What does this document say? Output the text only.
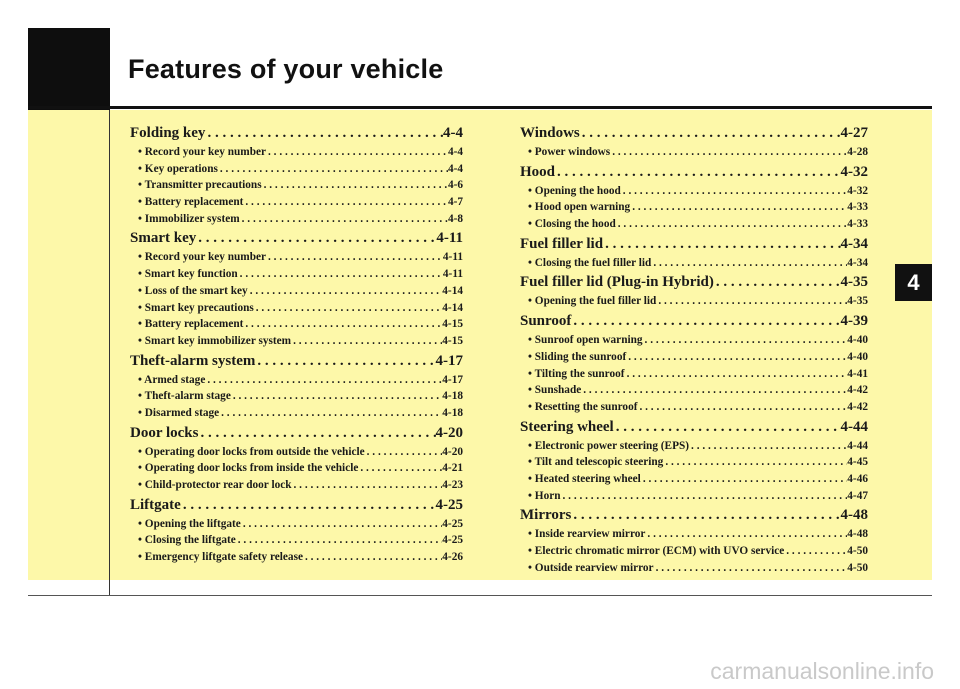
Features of your vehicle
4
Folding key . . .	4-4
• Record your key number . . .	4-4
• Key operations . . .	4-4
• Transmitter precautions . . .	4-6
• Battery replacement . . .	4-7
• Immobilizer system . . .	4-8
Smart key . . .	4-11
• Record your key number . . .	4-11
• Smart key function . . .	4-11
• Loss of the smart key . . .	4-14
• Smart key precautions . . .	4-14
• Battery replacement . . .	4-15
• Smart key immobilizer system . . .	4-15
Theft-alarm system . . .	4-17
• Armed stage . . .	4-17
• Theft-alarm stage . . .	4-18
• Disarmed stage . . .	4-18
Door locks . . .	4-20
• Operating door locks from outside the vehicle . . .	4-20
• Operating door locks from inside the vehicle . . .	4-21
• Child-protector rear door lock . . .	4-23
Liftgate . . .	4-25
• Opening the liftgate . . .	4-25
• Closing the liftgate . . .	4-25
• Emergency liftgate safety release . . .	4-26
Windows . . .	4-27
• Power windows . . .	4-28
Hood . . .	4-32
• Opening the hood . . .	4-32
• Hood open warning . . .	4-33
• Closing the hood . . .	4-33
Fuel filler lid . . .	4-34
• Closing the fuel filler lid . . .	4-34
Fuel filler lid (Plug-in Hybrid) . . .	4-35
• Opening the fuel filler lid . . .	4-35
Sunroof . . .	4-39
• Sunroof open warning . . .	4-40
• Sliding the sunroof . . .	4-40
• Tilting the sunroof . . .	4-41
• Sunshade . . .	4-42
• Resetting the sunroof . . .	4-42
Steering wheel . . .	4-44
• Electronic power steering (EPS) . . .	4-44
• Tilt and telescopic steering . . .	4-45
• Heated steering wheel . . .	4-46
• Horn . . .	4-47
Mirrors . . .	4-48
• Inside rearview mirror . . .	4-48
• Electric chromatic mirror (ECM) with UVO service . . .	4-50
• Outside rearview mirror . . .	4-50
carmanualsonline.info
